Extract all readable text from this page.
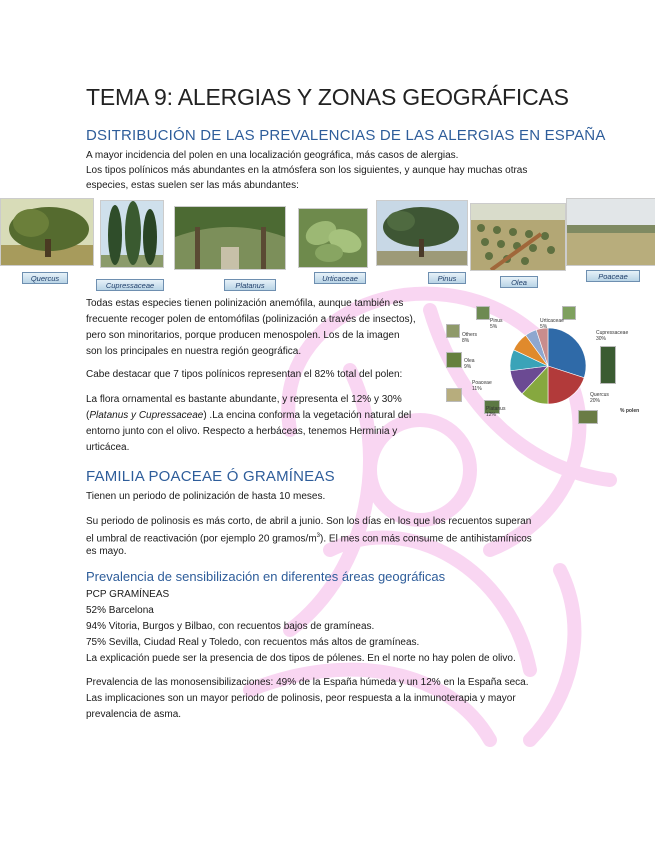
TEMA 9: ALERGIAS Y ZONAS GEOGRÁFICAS
DSITRIBUCIÓN DE LAS PREVALENCIAS DE LAS ALERGIAS EN ESPAÑA
A mayor incidencia del polen en una localización geográfica, más casos de alergias.
Los tipos polínicos más abundantes en la atmósfera son los siguientes, y aunque hay muchas otras
especies, estas suelen ser las más abundantes:
Quercus
Cupressaceae	Platanus
Urticaceae	Pinus	Olea
Poaceae
Todas estas especies tienen polinización anemófila, aunque también es
frecuente recoger polen de entomófilas (polinización a través de insectos),
pero son minoritarios, porque producen menospolen. Los de la imagen
son los principales en nuestra región geográfica.
Cabe destacar que 7 tipos polínicos representan el 82% total del polen:
La flora ornamental es bastante abundante, y representa el 12% y 30%
(Platanus y Cupressaceae) .La encina conforma la vegetación natural del
entorno junto con el olivo. Respecto a herbáceas, tenemos Herminia y
urticácea.
Pinus
5%
Urticaceae
5%
Others
8%
Cupressaceae
30%
Olea
9%
Poaceae
11%
Platanus
12%
Quercus
20%
% polen
FAMILIA POACEAE Ó GRAMÍNEAS
Tienen un periodo de polinización de hasta 10 meses.
Su periodo de polinosis es más corto, de abril a junio. Son los días en los que los recuentos superan
el umbral de reactivación (por ejemplo 20 gramos/$m^3$). El mes con más consume de antihistamínicos
es mayo.
Prevalencia de sensibilización en diferentes áreas geográficas
PCP GRAMÍNEAS
52% Barcelona
94% Vitoria, Burgos y Bilbao, con recuentos bajos de gramíneas.
75% Sevilla, Ciudad Real y Toledo, con recuentos más altos de gramíneas.
La explicación puede ser la presencia de dos tipos de pólenes. En el norte no hay polen de olivo.
Prevalencia de las monosensibilizaciones: 49% de la España húmeda y un 12% en la España seca.
Las implicaciones son un mayor periodo de polinosis, peor respuesta a la inmunoterapia y mayor
prevalencia de asma.
